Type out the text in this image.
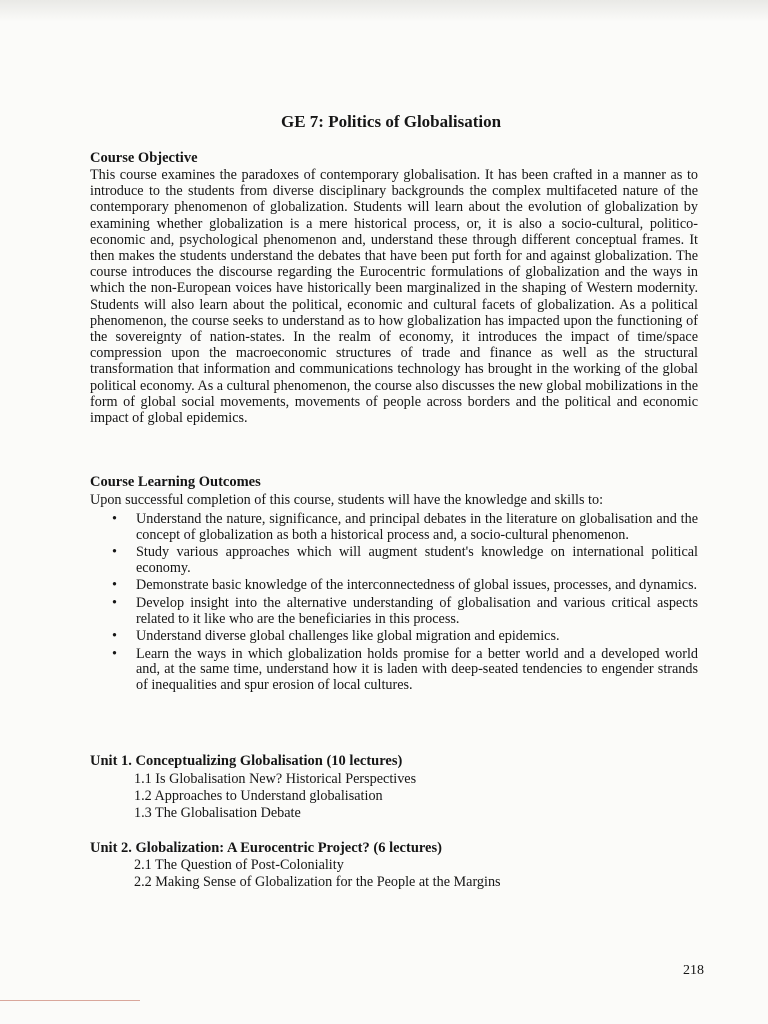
GE 7: Politics of Globalisation
Course Objective

This course examines the paradoxes of contemporary globalisation. It has been crafted in a manner as to introduce to the students from diverse disciplinary backgrounds the complex multifaceted nature of the contemporary phenomenon of globalization. Students will learn about the evolution of globalization by examining whether globalization is a mere historical process, or, it is also a socio-cultural, politico-economic and, psychological phenomenon and, understand these through different conceptual frames. It then makes the students understand the debates that have been put forth for and against globalization. The course introduces the discourse regarding the Eurocentric formulations of globalization and the ways in which the non-European voices have historically been marginalized in the shaping of Western modernity. Students will also learn about the political, economic and cultural facets of globalization. As a political phenomenon, the course seeks to understand as to how globalization has impacted upon the functioning of the sovereignty of nation-states. In the realm of economy, it introduces the impact of time/space compression upon the macroeconomic structures of trade and finance as well as the structural transformation that information and communications technology has brought in the working of the global political economy. As a cultural phenomenon, the course also discusses the new global mobilizations in the form of global social movements, movements of people across borders and the political and economic impact of global epidemics.

Course Learning Outcomes
Upon successful completion of this course, students will have the knowledge and skills to:
• Understand the nature, significance, and principal debates in the literature on globalisation and the concept of globalization as both a historical process and, a socio-cultural phenomenon.
• Study various approaches which will augment student's knowledge on international political economy.
• Demonstrate basic knowledge of the interconnectedness of global issues, processes, and dynamics.
• Develop insight into the alternative understanding of globalisation and various critical aspects related to it like who are the beneficiaries in this process.
• Understand diverse global challenges like global migration and epidemics.
• Learn the ways in which globalization holds promise for a better world and a developed world and, at the same time, understand how it is laden with deep-seated tendencies to engender strands of inequalities and spur erosion of local cultures.
Unit 1. Conceptualizing Globalisation (10 lectures)
1.1 Is Globalisation New? Historical Perspectives
1.2 Approaches to Understand globalisation
1.3 The Globalisation Debate
Unit 2. Globalization: A Eurocentric Project? (6 lectures)
2.1 The Question of Post-Coloniality
2.2 Making Sense of Globalization for the People at the Margins
218
